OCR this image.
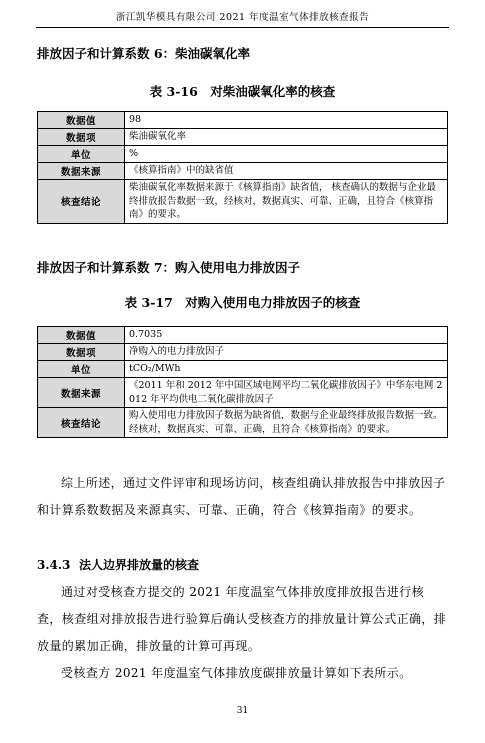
浙江凯华模具有限公司 2021 年度温室气体排放核查报告
排放因子和计算系数 6：柴油碳氧化率
表 3-16　对柴油碳氧化率的核查
数据值	98
数据项	柴油碳氧化率
单位	%
数据来源	《核算指南》中的缺省值
核查结论	柴油碳氧化率数据来源于《核算指南》缺省值， 核查确认的数据与企业最终排放报告数据一致，经核对，数据真实、可靠、正确，且符合《核算指南》的要求。
排放因子和计算系数 7：购入使用电力排放因子
表 3-17　对购入使用电力排放因子的核查
数据值	0.7035
数据项	净购入的电力排放因子
单位	tCO₂/MWh
数据来源	《2011 年和 2012 年中国区域电网平均二氧化碳排放因子》中华东电网 2012 年平均供电二氧化碳排放因子
核查结论	购入使用电力排放因子数据为缺省值，数据与企业最终排放报告数据一致。经核对，数据真实、可靠、正确，且符合《核算指南》的要求。
综上所述，通过文件评审和现场访问，核查组确认排放报告中排放因子和计算系数数据及来源真实、可靠、正确，符合《核算指南》的要求。
3.4.3 法人边界排放量的核查
通过对受核查方提交的 2021 年度温室气体排放度排放报告进行核查，核查组对排放报告进行验算后确认受核查方的排放量计算公式正确，排放量的累加正确，排放量的计算可再现。
受核查方 2021 年度温室气体排放度碳排放量计算如下表所示。
31
